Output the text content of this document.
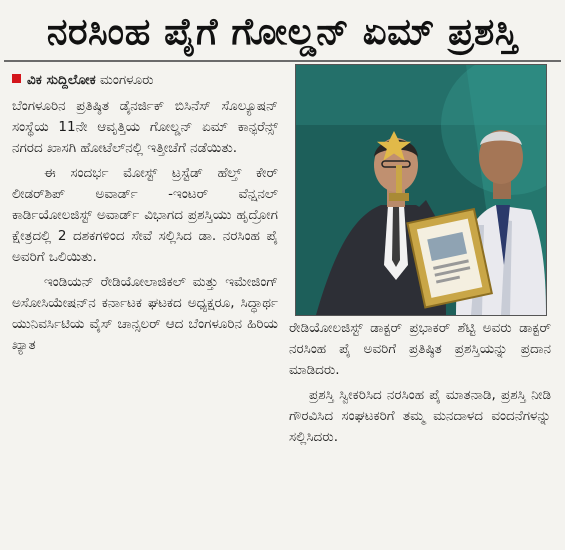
ನರಸಿಂಹ ಪೈಗೆ ಗೋಲ್ಡನ್ ಏಮ್ ಪ್ರಶಸ್ತಿ
ವಿಕ ಸುದ್ದಿಲೋಕ ಮಂಗಳೂರು

ಬೆಂಗಳೂರಿನ ಪ್ರತಿಷ್ಠಿತ ಡೈನರ್ಜಿಕ್ ಬಿಸಿನೆಸ್ ಸೊಲ್ಯೂಷನ್ ಸಂಸ್ಥೆಯ 11ನೇ ಆವೃತ್ತಿಯ ಗೋಲ್ಡನ್ ಏಮ್ ಕಾನ್ಫರೆನ್ಸ್ ನಗರದ ಖಾಸಗಿ ಹೋಟೆಲ್‌ನಲ್ಲಿ ಇತ್ತೀಚೆಗೆ ನಡೆಯಿತು.

ಈ ಸಂದರ್ಭ ಮೋಸ್ಟ್ ಟ್ರಸ್ಟೆಡ್ ಹೆಲ್ತ್ ಕೇರ್ ಲೀಡರ್‌ಶಿಪ್ ಅವಾರ್ಡ್ -ಇಂಟರ್ ವೆನ್ಷನಲ್ ಕಾರ್ಡಿಯೋಲಜಿಸ್ಟ್ ಅವಾರ್ಡ್ ವಿಭಾಗದ ಪ್ರಶಸ್ತಿಯು ಹೃದ್ರೋಗ ಕ್ಷೇತ್ರದಲ್ಲಿ 2 ದಶಕಗಳಿಂದ ಸೇವೆ ಸಲ್ಲಿಸಿದ ಡಾ. ನರಸಿಂಹ ಪೈ ಅವರಿಗೆ ಒಲಿಯಿತು.

ಇಂಡಿಯನ್ ರೇಡಿಯೋಲಾಜಿಕಲ್ ಮತ್ತು ಇಮೇಜಿಂಗ್ ಅಸೋಸಿಯೇಷನ್‌ನ ಕರ್ನಾಟಕ ಘಟಕದ ಅಧ್ಯಕ್ಷರೂ, ಸಿದ್ಧಾರ್ಥ ಯುನಿವರ್ಸಿಟಿಯ ವೈಸ್ ಚಾನ್ಸಲರ್ ಆದ ಬೆಂಗಳೂರಿನ ಹಿರಿಯ ಖ್ಯಾತ

ರೇಡಿಯೋಲಜಿಸ್ಟ್ ಡಾಕ್ಟರ್ ಪ್ರಭಾಕರ್ ಶೆಟ್ಟಿ ಅವರು ಡಾಕ್ಟರ್ ನರಸಿಂಹ ಪೈ ಅವರಿಗೆ ಪ್ರತಿಷ್ಠಿತ ಪ್ರಶಸ್ತಿಯನ್ನು ಪ್ರದಾನ ಮಾಡಿದರು.

ಪ್ರಶಸ್ತಿ ಸ್ವೀಕರಿಸಿದ ನರಸಿಂಹ ಪೈ ಮಾತನಾಡಿ, ಪ್ರಶಸ್ತಿ ನೀಡಿ ಗೌರವಿಸಿದ ಸಂಘಟಕರಿಗೆ ತಮ್ಮ ಮನದಾಳದ ವಂದನೆಗಳನ್ನು ಸಲ್ಲಿಸಿದರು.
